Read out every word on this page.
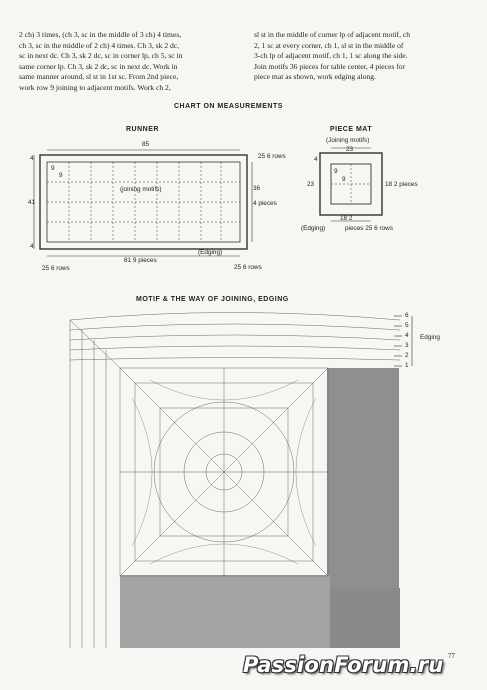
2 ch) 3 times, (ch 3, sc in the middle of 3 ch) 4 times,
ch 3, sc in the middle of 2 ch) 4 times. Ch 3, sk 2 dc,
sc in next dc. Ch 3, sk 2 dc, sc in corner lp, ch 5, sc in
same corner lp. Ch 3, sk 2 dc, sc in next dc. Work in
same manner around, sl st in 1st sc. From 2nd piece,
work row 9 joining to adjacent motifs. Work ch 2,
sl st in the middle of corner lp of adjacent motif, ch
2, 1 sc at every corner, ch 1, sl st in the middle of
3-ch lp of adjacent motif, ch 1, 1 sc along the side.
Join motifs 36 pieces for table center, 4 pieces for
piece mat as shown, work edging along.
CHART ON MEASUREMENTS
RUNNER	PIECE MAT
(Joining motifs)
MOTIF & THE WAY OF JOINING, EDGING
85
25 6 rows
9
9
(joining motifs)	36
4 pieces
4
41
4
(Edging)
81 9 pieces
25 6 rows	25 6 rows
23
4
9
9
23	18 2 pieces
18 2
(Edging)	pieces 25 6 rows
6
5
4
3
2
1
Edging
PassionForum.ru 77
